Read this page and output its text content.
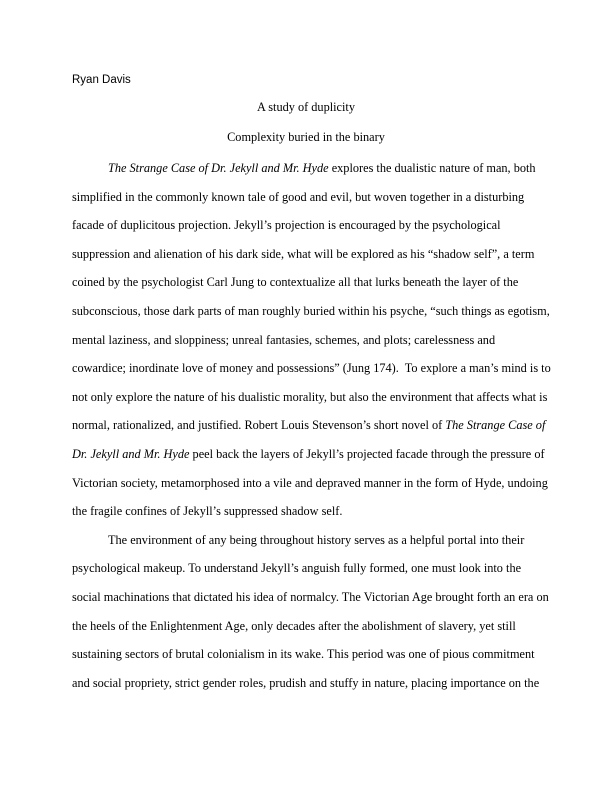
Ryan Davis
A study of duplicity
Complexity buried in the binary
The Strange Case of Dr. Jekyll and Mr. Hyde explores the dualistic nature of man, both
simplified in the commonly known tale of good and evil, but woven together in a disturbing
facade of duplicitous projection. Jekyll’s projection is encouraged by the psychological
suppression and alienation of his dark side, what will be explored as his “shadow self”, a term
coined by the psychologist Carl Jung to contextualize all that lurks beneath the layer of the
subconscious, those dark parts of man roughly buried within his psyche, “such things as egotism,
mental laziness, and sloppiness; unreal fantasies, schemes, and plots; carelessness and
cowardice; inordinate love of money and possessions” (Jung 174).  To explore a man’s mind is to
not only explore the nature of his dualistic morality, but also the environment that affects what is
normal, rationalized, and justified. Robert Louis Stevenson’s short novel of The Strange Case of
Dr. Jekyll and Mr. Hyde peel back the layers of Jekyll’s projected facade through the pressure of
Victorian society, metamorphosed into a vile and depraved manner in the form of Hyde, undoing
the fragile confines of Jekyll’s suppressed shadow self.
The environment of any being throughout history serves as a helpful portal into their
psychological makeup. To understand Jekyll’s anguish fully formed, one must look into the
social machinations that dictated his idea of normalcy. The Victorian Age brought forth an era on
the heels of the Enlightenment Age, only decades after the abolishment of slavery, yet still
sustaining sectors of brutal colonialism in its wake. This period was one of pious commitment
and social propriety, strict gender roles, prudish and stuffy in nature, placing importance on the
